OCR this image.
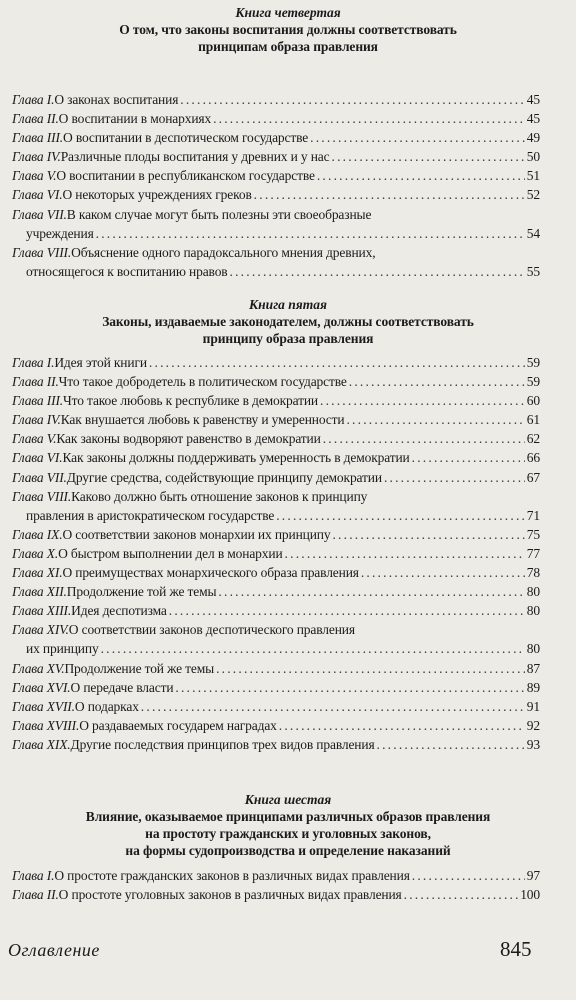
Книга четвертая
О том, что законы воспитания должны соответствовать
принципам образа правления
Глава I. О законах воспитания .....	45
Глава II. О воспитании в монархиях .....	45
Глава III. О воспитании в деспотическом государстве .....	49
Глава IV. Различные плоды воспитания у древних и у нас .....	50
Глава V. О воспитании в республиканском государстве .....	51
Глава VI. О некоторых учреждениях греков .....	52
Глава VII. В каком случае могут быть полезны эти своеобразные
учреждения .....	54
Глава VIII. Объяснение одного парадоксального мнения древних,
относящегося к воспитанию нравов .....	55
Книга пятая
Законы, издаваемые законодателем, должны соответствовать
принципу образа правления
Глава I. Идея этой книги .....	59
Глава II. Что такое добродетель в политическом государстве .....	59
Глава III. Что такое любовь к республике в демократии .....	60
Глава IV. Как внушается любовь к равенству и умеренности .....	61
Глава V. Как законы водворяют равенство в демократии .....	62
Глава VI. Как законы должны поддерживать умеренность в демократии .....	66
Глава VII. Другие средства, содействующие принципу демократии .....	67
Глава VIII. Каково должно быть отношение законов к принципу
правления в аристократическом государстве .....	71
Глава IX. О соответствии законов монархии их принципу .....	75
Глава X. О быстром выполнении дел в монархии .....	77
Глава XI. О преимуществах монархического образа правления .....	78
Глава XII. Продолжение той же темы .....	80
Глава XIII. Идея деспотизма .....	80
Глава XIV. О соответствии законов деспотического правления
их принципу .....	80
Глава XV. Продолжение той же темы .....	87
Глава XVI. О передаче власти .....	89
Глава XVII. О подарках .....	91
Глава XVIII. О раздаваемых государем наградах .....	92
Глава XIX. Другие последствия принципов трех видов правления .....	93
Книга шестая
Влияние, оказываемое принципами различных образов правления
на простоту гражданских и уголовных законов,
на формы судопроизводства и определение наказаний
Глава I. О простоте гражданских законов в различных видах правления .....	97
Глава II. О простоте уголовных законов в различных видах правления .....	100
Оглавление	845
